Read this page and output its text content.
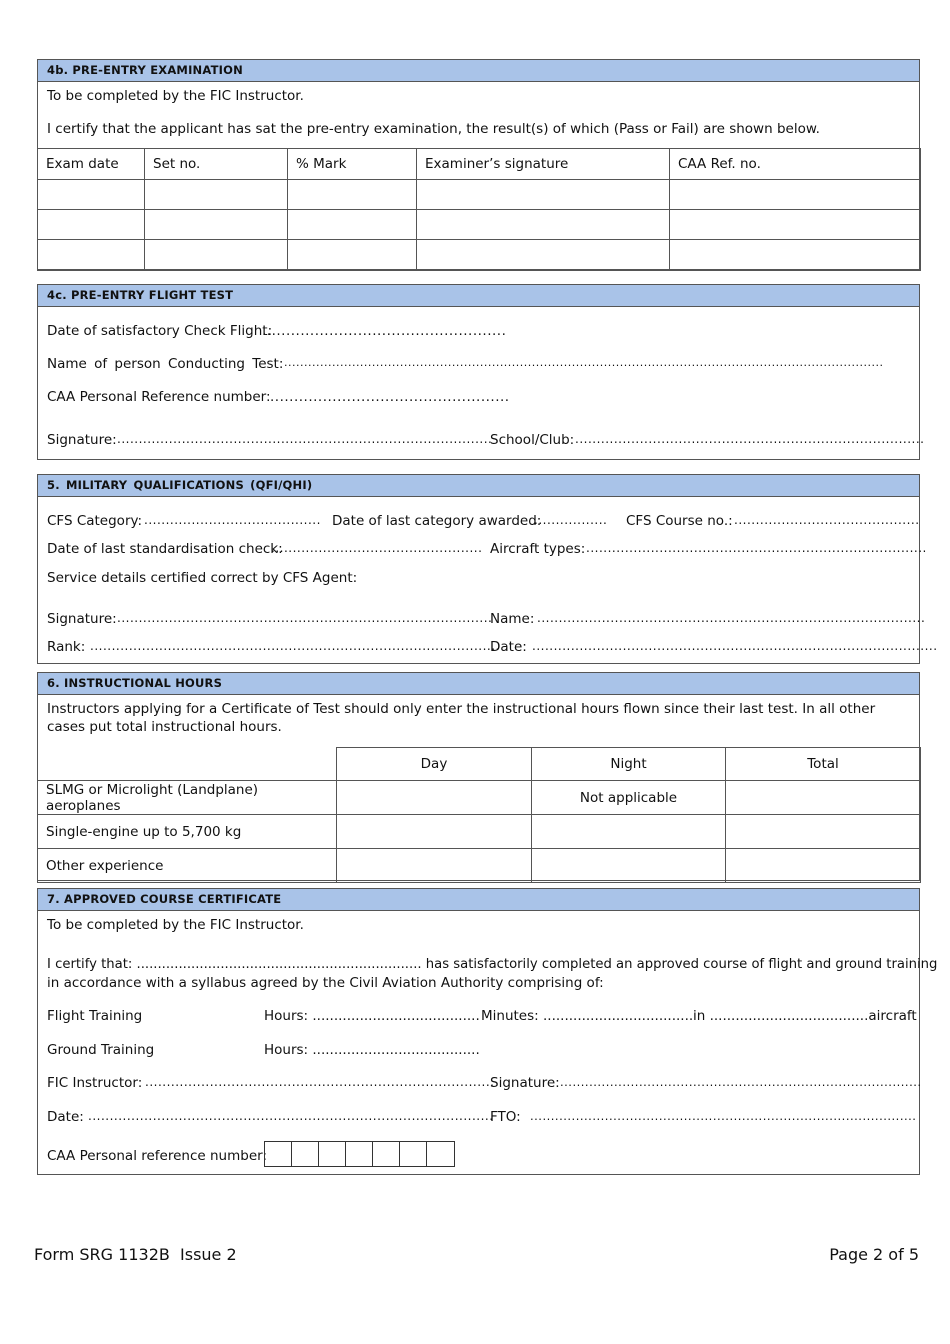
4b. PRE-ENTRY EXAMINATION
To be completed by the FIC Instructor.
I certify that the applicant has sat the pre-entry examination, the result(s) of which (Pass or Fail) are shown below.
Exam date	Set no.	% Mark	Examiner’s signature	CAA Ref. no.

4c. PRE-ENTRY FLIGHT TEST
Date of satisfactory Check Flight:
...................................................
Name of person Conducting Test: ......................................................................................................................................................
CAA Personal Reference number: ..................................................
Signature: .......................................................................................
School/Club: .................................................................................
5. MILITARY QUALIFICATIONS (QFI/QHI)
CFS Category: ......................................... Date of last category awarded:
................. CFS Course no.: ...........................................
Date of last standardisation check:
................................................. Aircraft types: ...............................................................................
Service details certified correct by CFS Agent:
Signature: .......................................................................................
Name: ..........................................................................................
Rank: ...............................................................................................
Date: ..............................................................................................
6. INSTRUCTIONAL HOURS
Instructors applying for a Certificate of Test should only enter the instructional hours flown since their last test. In all other cases put total instructional hours.
	Day	Night	Total
SLMG or Microlight (Landplane) aeroplanes		Not applicable	
Single-engine up to 5,700 kg			
Other experience			
7. APPROVED COURSE CERTIFICATE
To be completed by the FIC Instructor.
I certify that: .................................................................... has satisfactorily completed an approved course of flight and ground training
in accordance with a syllabus agreed by the Civil Aviation Authority comprising of:
Flight Training	Hours: ....................................... Minutes: ................................... in .....................................aircraft
Ground Training	Hours: .......................................
FIC Instructor: .................................................................................
Signature: .......................................................................................
Date: ..............................................................................................
FTO: .............................................................................................
CAA Personal reference number:
Form SRG 1132B  Issue 2	Page 2 of 5
